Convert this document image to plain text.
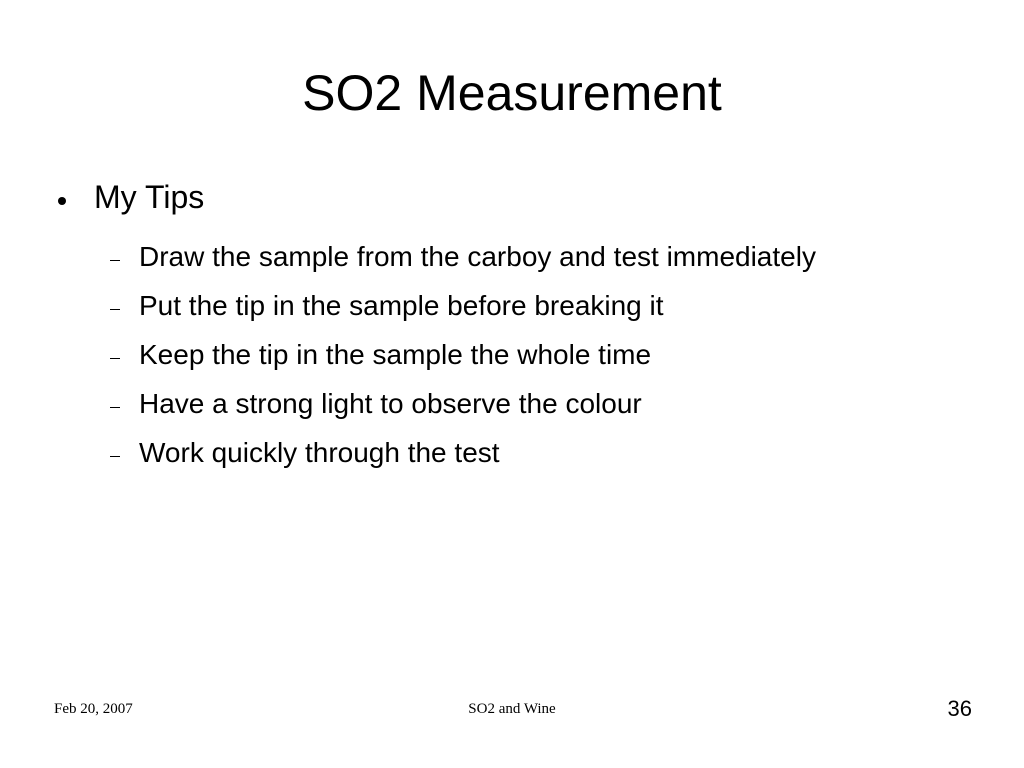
SO2 Measurement
My Tips
Draw the sample from the carboy and test immediately
Put the tip in the sample before breaking it
Keep the tip in the sample the whole time
Have a strong light to observe the colour
Work quickly through the test
Feb 20, 2007	SO2 and Wine	36
